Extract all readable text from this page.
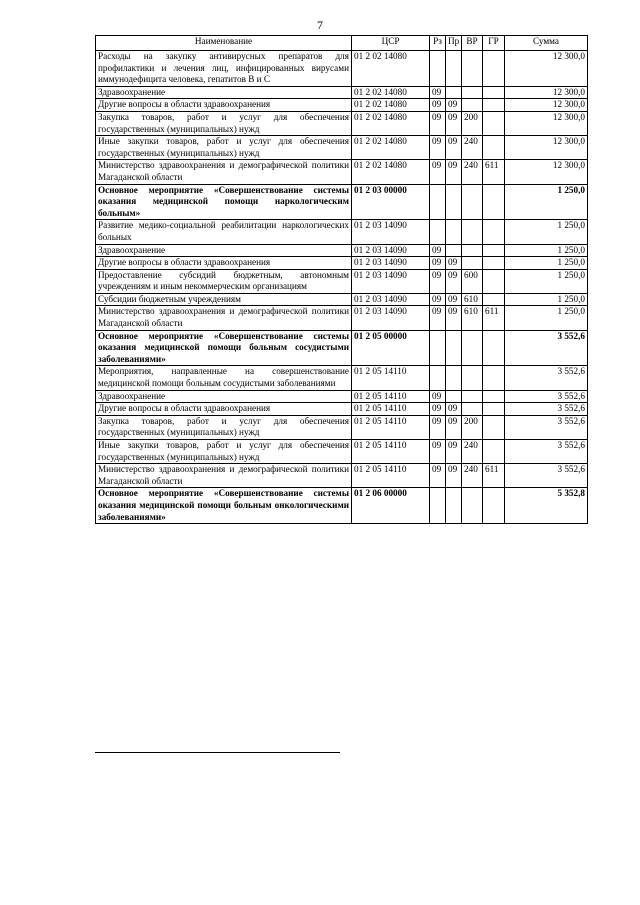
7
Наименование	ЦСР	Рз	Пр	ВР	ГР	Сумма
Расходы на закупку антивирусных препаратов для профилактики и лечения лиц, инфицированных вирусами иммунодефицита человека, гепатитов В и С	01 2 02 14080					12 300,0
Здравоохранение	01 2 02 14080	09				12 300,0
Другие вопросы в области здравоохранения	01 2 02 14080	09	09			12 300,0
Закупка товаров, работ и услуг для обеспечения государственных (муниципальных) нужд	01 2 02 14080	09	09	200		12 300,0
Иные закупки товаров, работ и услуг для обеспечения государственных (муниципальных) нужд	01 2 02 14080	09	09	240		12 300,0
Министерство здравоохранения и демографической политики Магаданской области	01 2 02 14080	09	09	240	611	12 300,0
Основное мероприятие «Совершенствование системы оказания медицинской помощи наркологическим больным»	01 2 03 00000					1 250,0
Развитие медико-социальной реабилитации наркологических больных	01 2 03 14090					1 250,0
Здравоохранение	01 2 03 14090	09				1 250,0
Другие вопросы в области здравоохранения	01 2 03 14090	09	09			1 250,0
Предоставление субсидий бюджетным, автономным учреждениям и иным некоммерческим организациям	01 2 03 14090	09	09	600		1 250,0
Субсидии бюджетным учреждениям	01 2 03 14090	09	09	610		1 250,0
Министерство здравоохранения и демографической политики Магаданской области	01 2 03 14090	09	09	610	611	1 250,0
Основное мероприятие «Совершенствование системы оказания медицинской помощи больным сосудистыми заболеваниями»	01 2 05 00000					3 552,6
Мероприятия, направленные на совершенствование медицинской помощи больным сосудистыми заболеваниями	01 2 05 14110					3 552,6
Здравоохранение	01 2 05 14110	09				3 552,6
Другие вопросы в области здравоохранения	01 2 05 14110	09	09			3 552,6
Закупка товаров, работ и услуг для обеспечения государственных (муниципальных) нужд	01 2 05 14110	09	09	200		3 552,6
Иные закупки товаров, работ и услуг для обеспечения государственных (муниципальных) нужд	01 2 05 14110	09	09	240		3 552,6
Министерство здравоохранения и демографической политики Магаданской области	01 2 05 14110	09	09	240	611	3 552,6
Основное мероприятие «Совершенствование системы оказания медицинской помощи больным онкологическими заболеваниями»	01 2 06 00000					5 352,8
